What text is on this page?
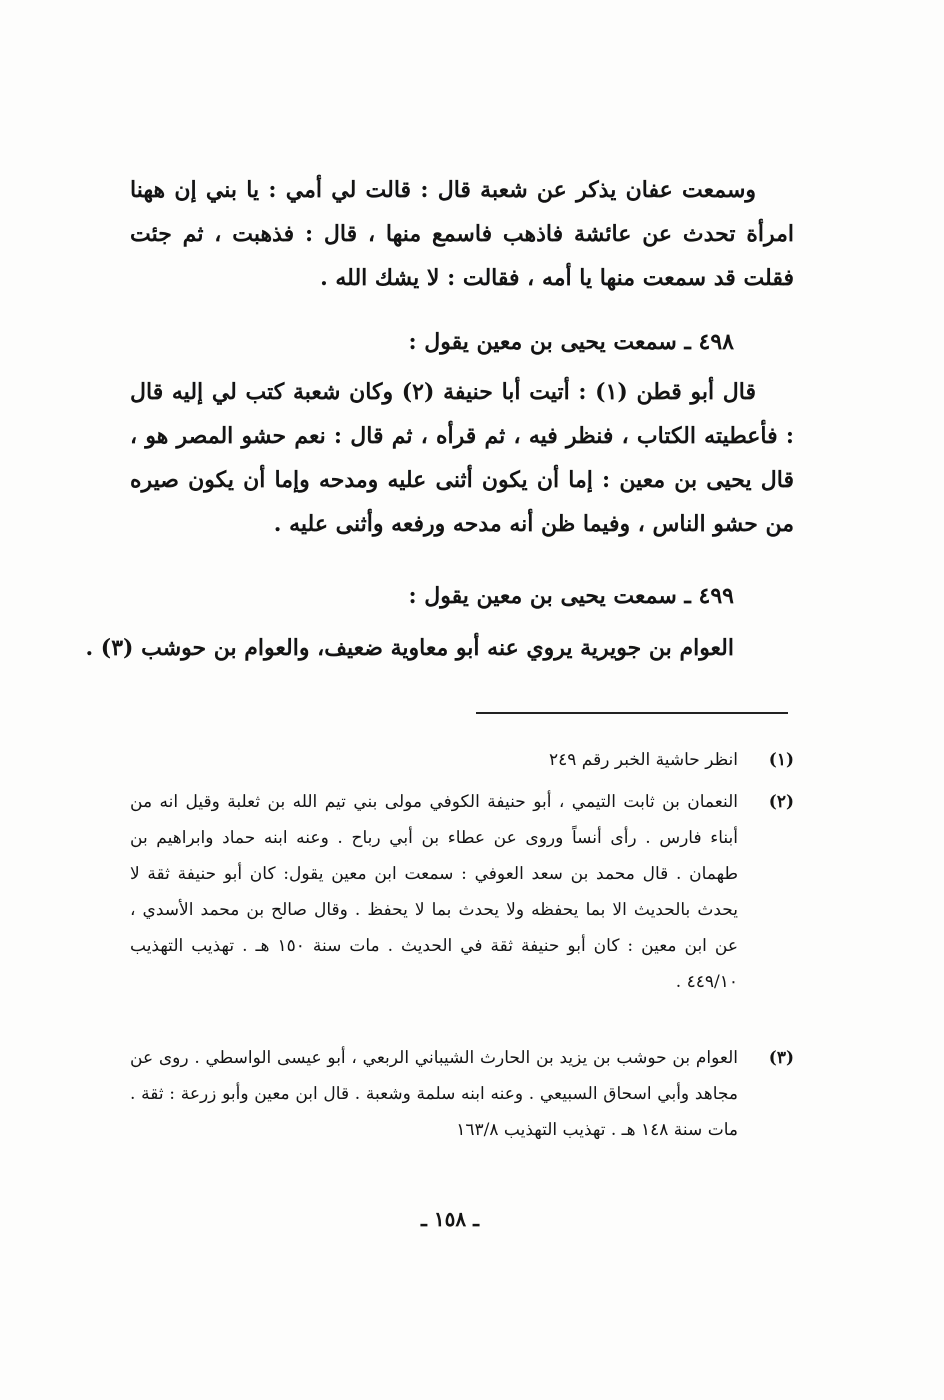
وسمعت عفان يذكر عن شعبة قال : قالت لي أمي : يا بني إن ههنا امرأة تحدث عن عائشة فاذهب فاسمع منها ، قال : فذهبت ، ثم جئت فقلت قد سمعت منها يا أمه ، فقالت : لا يشك الله .

٤٩٨ ـ سمعت يحيى بن معين يقول :

قال أبو قطن (١) : أتيت أبا حنيفة (٢) وكان شعبة كتب لي إليه قال : فأعطيته الكتاب ، فنظر فيه ، ثم قرأه ، ثم قال : نعم حشو المصر هو ، قال يحيى بن معين : إما أن يكون أثنى عليه ومدحه وإما أن يكون صيره من حشو الناس ، وفيما ظن أنه مدحه ورفعه وأثنى عليه .

٤٩٩ ـ سمعت يحيى بن معين يقول :
العوام بن جويرية يروي عنه أبو معاوية ضعيف، والعوام بن حوشب (٣) .
(١)
انظر حاشية الخبر رقم ٢٤٩
(٢)
النعمان بن ثابت التيمي ، أبو حنيفة الكوفي مولى بني تيم الله بن ثعلبة وقيل انه من أبناء فارس . رأى أنساً وروى عن عطاء بن أبي رباح . وعنه ابنه حماد وابراهيم بن طهمان . قال محمد بن سعد العوفي : سمعت ابن معين يقول: كان أبو حنيفة ثقة لا يحدث بالحديث الا بما يحفظه ولا يحدث بما لا يحفظ . وقال صالح بن محمد الأسدي ، عن ابن معين : كان أبو حنيفة ثقة في الحديث . مات سنة ١٥٠ هـ . تهذيب التهذيب ٤٤٩/١٠ .
(٣)
العوام بن حوشب بن يزيد بن الحارث الشيباني الربعي ، أبو عيسى الواسطي . روى عن مجاهد وأبي اسحاق السبيعي . وعنه ابنه سلمة وشعبة . قال ابن معين وأبو زرعة : ثقة . مات سنة ١٤٨ هـ . تهذيب التهذيب ١٦٣/٨
ـ ١٥٨ ـ
